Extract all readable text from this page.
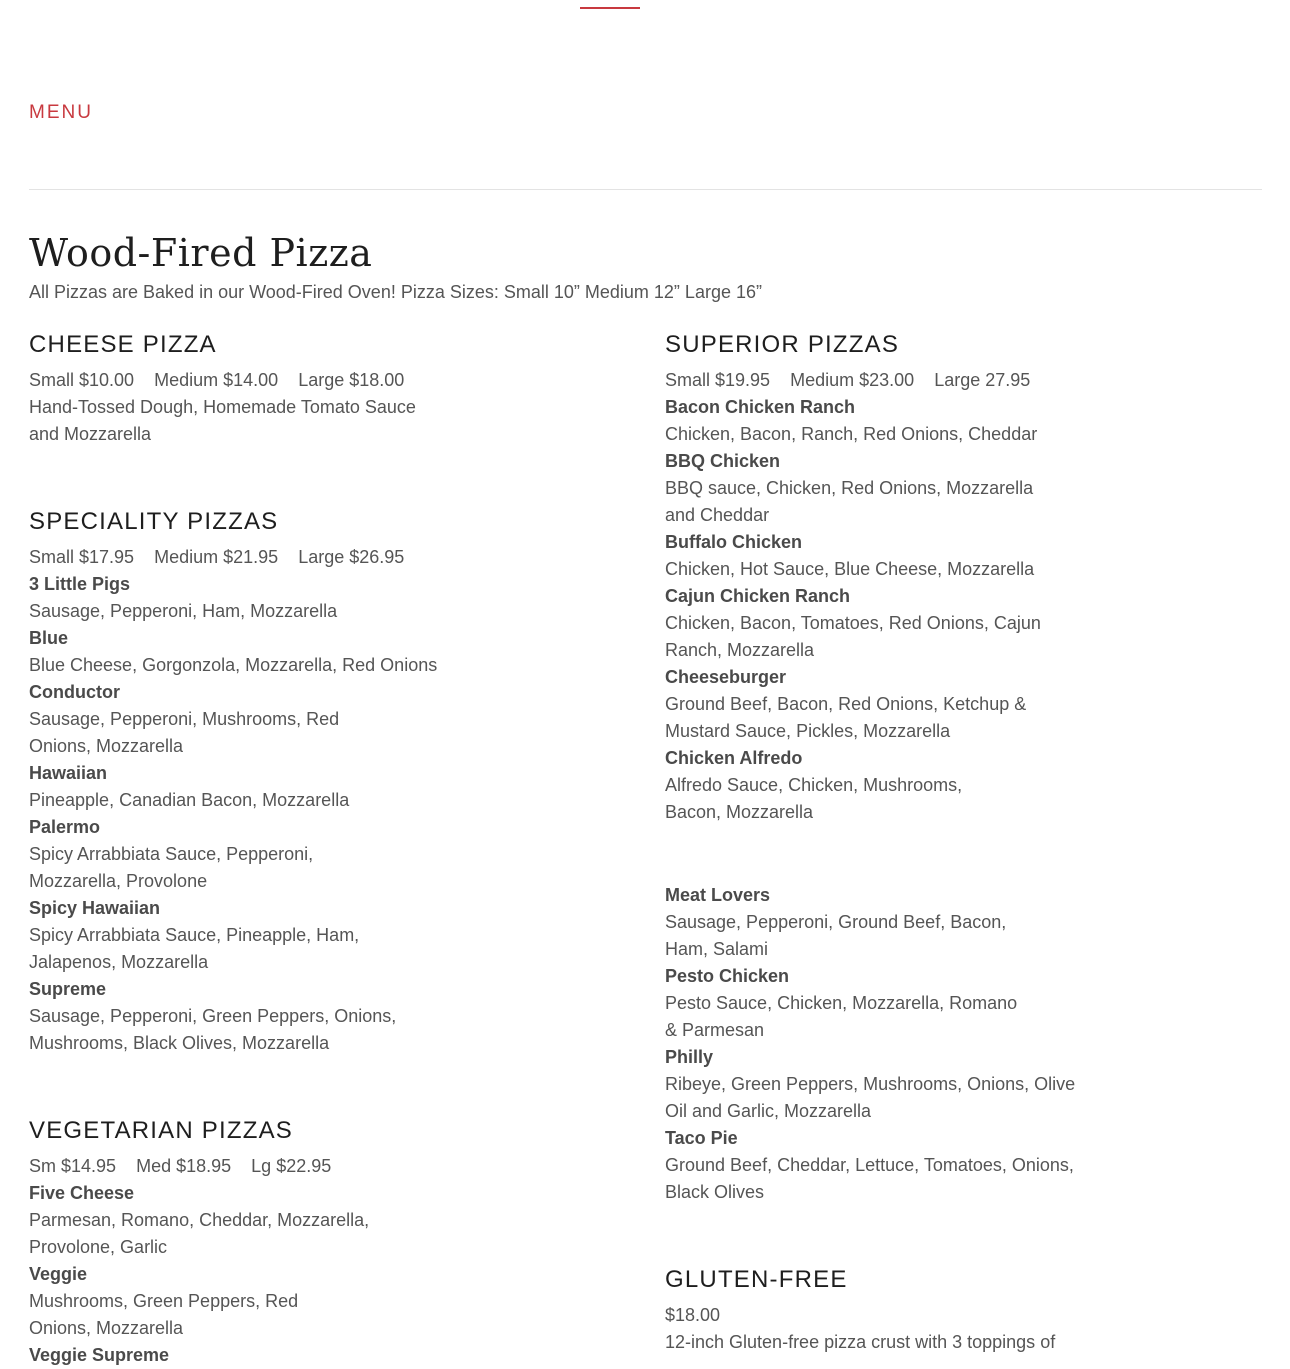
MENU
Wood-Fired Pizza
All Pizzas are Baked in our Wood-Fired Oven! Pizza Sizes: Small 10” Medium 12” Large 16”
CHEESE PIZZA
Small $10.00 Medium $14.00 Large $18.00
Hand-Tossed Dough, Homemade Tomato Sauce
and Mozzarella
SPECIALITY PIZZAS
Small $17.95 Medium $21.95 Large $26.95
3 Little Pigs
Sausage, Pepperoni, Ham, Mozzarella
Blue
Blue Cheese, Gorgonzola, Mozzarella, Red Onions
Conductor
Sausage, Pepperoni, Mushrooms, Red
Onions, Mozzarella
Hawaiian
Pineapple, Canadian Bacon, Mozzarella
Palermo
Spicy Arrabbiata Sauce, Pepperoni,
Mozzarella, Provolone
Spicy Hawaiian
Spicy Arrabbiata Sauce, Pineapple, Ham,
Jalapenos, Mozzarella
Supreme
Sausage, Pepperoni, Green Peppers, Onions,
Mushrooms, Black Olives, Mozzarella
VEGETARIAN PIZZAS
Sm $14.95 Med $18.95 Lg $22.95
Five Cheese
Parmesan, Romano, Cheddar, Mozzarella,
Provolone, Garlic
Veggie
Mushrooms, Green Peppers, Red
Onions, Mozzarella
Veggie Supreme
SUPERIOR PIZZAS
Small $19.95 Medium $23.00 Large 27.95
Bacon Chicken Ranch
Chicken, Bacon, Ranch, Red Onions, Cheddar
BBQ Chicken
BBQ sauce, Chicken, Red Onions, Mozzarella
and Cheddar
Buffalo Chicken
Chicken, Hot Sauce, Blue Cheese, Mozzarella
Cajun Chicken Ranch
Chicken, Bacon, Tomatoes, Red Onions, Cajun
Ranch, Mozzarella
Cheeseburger
Ground Beef, Bacon, Red Onions, Ketchup &
Mustard Sauce, Pickles, Mozzarella
Chicken Alfredo
Alfredo Sauce, Chicken, Mushrooms,
Bacon, Mozzarella
Meat Lovers
Sausage, Pepperoni, Ground Beef, Bacon,
Ham, Salami
Pesto Chicken
Pesto Sauce, Chicken, Mozzarella, Romano
& Parmesan
Philly
Ribeye, Green Peppers, Mushrooms, Onions, Olive
Oil and Garlic, Mozzarella
Taco Pie
Ground Beef, Cheddar, Lettuce, Tomatoes, Onions,
Black Olives
GLUTEN-FREE
$18.00
12-inch Gluten-free pizza crust with 3 toppings of
